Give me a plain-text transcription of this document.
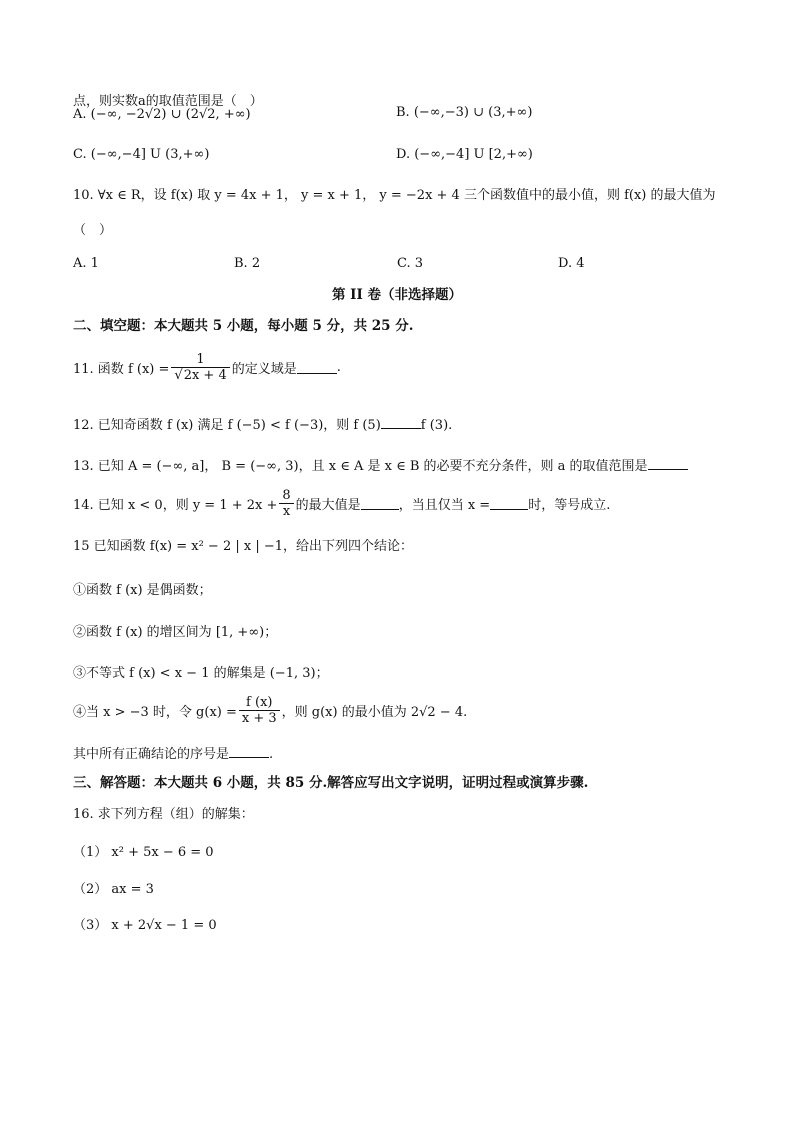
点，则实数a的取值范围是（　）
A. (−∞, −2√2) ∪ (2√2, +∞)	B. (−∞,−3) ∪ (3,+∞)
C. (−∞,−4] U (3,+∞)	D. (−∞,−4] U [2,+∞)
10. ∀x ∈ R，设 f(x) 取 y = 4x + 1， y = x + 1， y = −2x + 4 三个函数值中的最小值，则 f(x) 的最大值为
（　）
A. 1	B. 2	C. 3	D. 4
第 II 卷（非选择题）
二、填空题：本大题共 5 小题，每小题 5 分，共 25 分.
11. 函数 f $(x) = \frac{1}{√2x + 4}$ 的定义域是	.
12. 已知奇函数 f (x) 满足 f (−5) < f (−3)，则 f (5)	f (3).
13. 已知 A = (−∞, a]， B = (−∞, 3)，且 x ∈ A 是 x ∈ B 的必要不充分条件，则 a 的取值范围是
14. 已知 x < 0，则 $y = 1 + 2x + \frac{8}{x}$ 的最大值是	，当且仅当 x =	时，等号成立.
15 已知函数 f(x) = x² − 2 | x | −1，给出下列四个结论：
①函数 f (x) 是偶函数；
②函数 f (x) 的增区间为 [1, +∞)；
③不等式 f (x) < x − 1 的解集是 (−1, 3)；
④当 x > −3 时，令 $g(x) = \frac{f (x)}{x + 3}$ ，则 g(x) 的最小值为 2√2 − 4.
其中所有正确结论的序号是	.
三、解答题：本大题共 6 小题，共 85 分.解答应写出文字说明，证明过程或演算步骤.
16. 求下列方程（组）的解集：
（1） x² + 5x − 6 = 0
（2） ax = 3
（3） x + 2√x − 1 = 0
